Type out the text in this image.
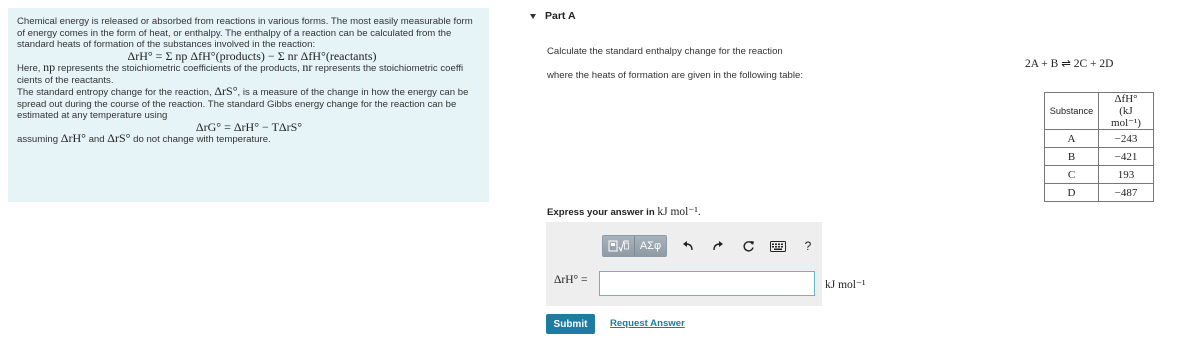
Chemical energy is released or absorbed from reactions in various forms. The most easily measurable form of energy comes in the form of heat, or enthalpy. The enthalpy of a reaction can be calculated from the standard heats of formation of the substances involved in the reaction:

ΔrH° = Σ np ΔfH°(products) − Σ nr ΔfH°(reactants)

Here, np represents the stoichiometric coefficients of the products, nr represents the stoichiometric coeffi cients of the reactants.

The standard entropy change for the reaction, ΔrS°, is a measure of the change in how the energy can be spread out during the course of the reaction. The standard Gibbs energy change for the reaction can be estimated at any temperature using

ΔrG° = ΔrH° − TΔrS°

assuming ΔrH° and ΔrS° do not change with temperature.

Part A
Calculate the standard enthalpy change for the reaction
2A + B ⇌ 2C + 2D
where the heats of formation are given in the following table:
Substance	ΔfH°
(kJ mol⁻¹)
A	−243
B	−421
C	193
D	−487
Express your answer in kJ mol⁻¹.
ΑΣφ	?
ΔrH° =	kJ mol⁻¹
Submit	Request Answer
